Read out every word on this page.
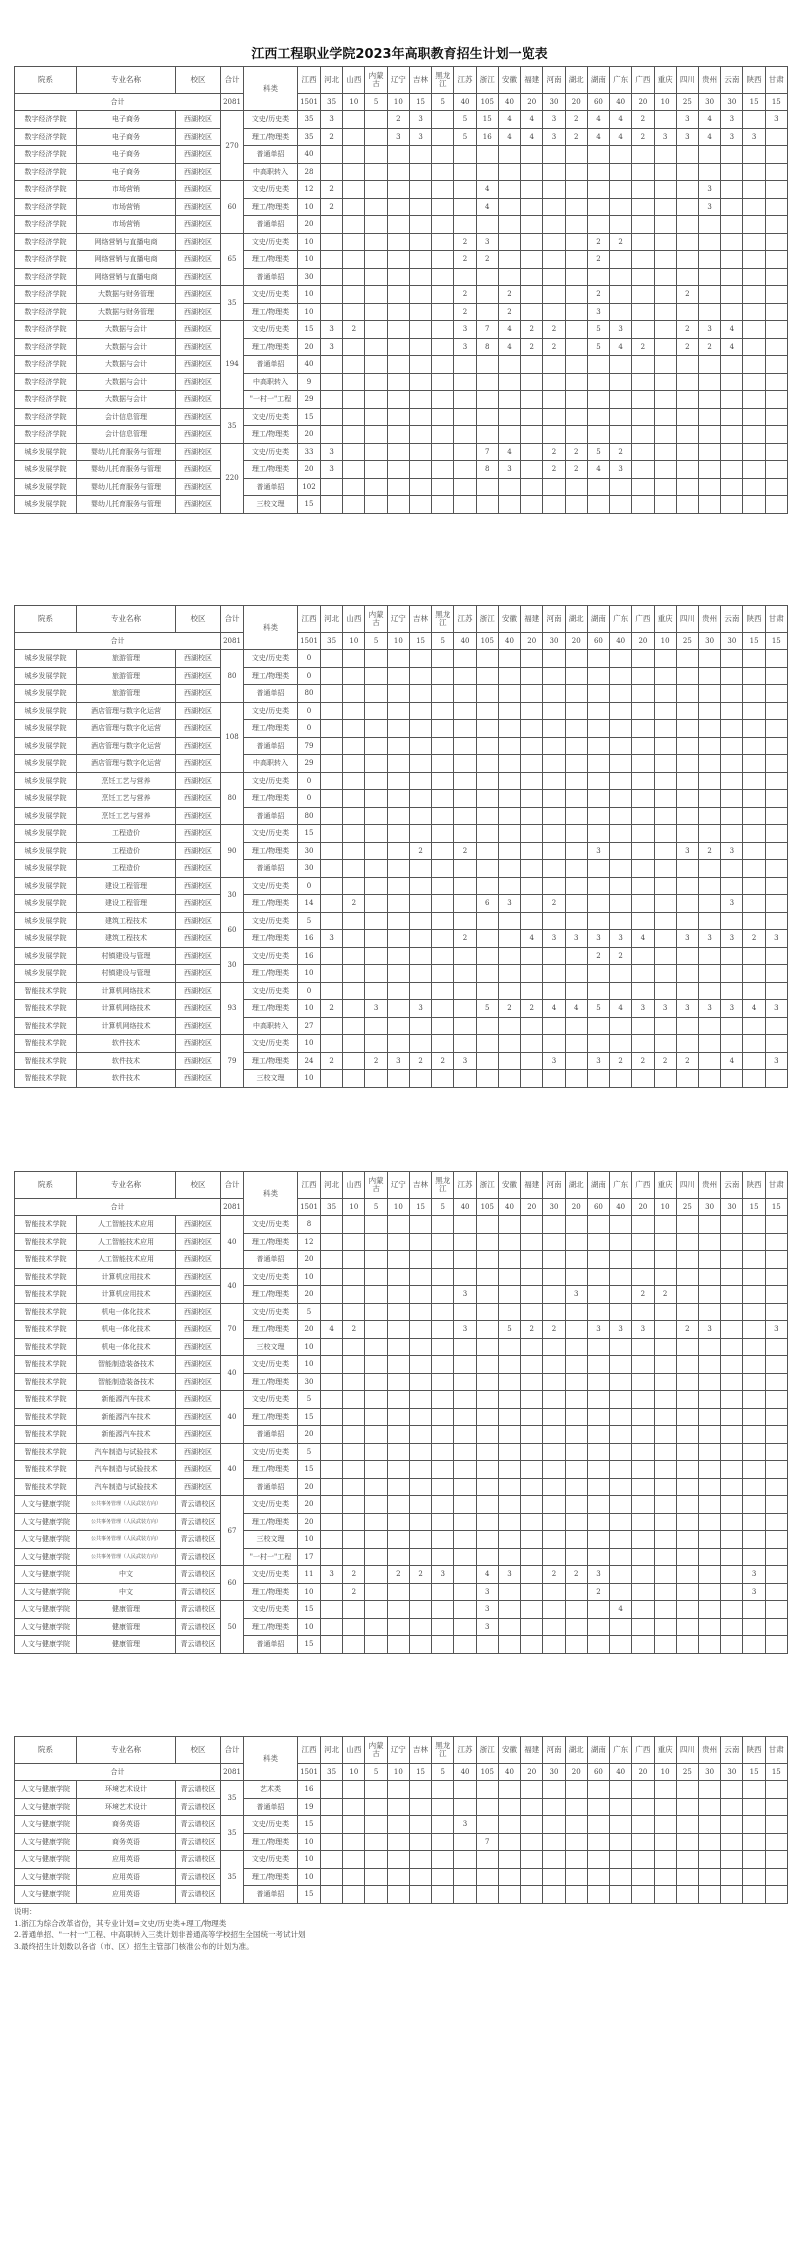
江西工程职业学院2023年高职教育招生计划一览表
院系	专业名称	校区	合计	科类	江西	河北	山西	内蒙古	辽宁	吉林	黑龙江	江苏	浙江	安徽	福建	河南	湖北	湖南	广东	广西	重庆	四川	贵州	云南	陕西	甘肃
合计			2081		1501	35	10	5	10	15	5	40	105	40	20	30	20	60	40	20	10	25	30	30	15	15
数字经济学院	电子商务	西湖校区	270	文史/历史类	35	3			2	3		5	15	4	4	3	2	4	4	2		3	4	3		3
数字经济学院	电子商务	西湖校区		理工/物理类	35	2			3	3		5	16	4	4	3	2	4	4	2	3	3	4	3	3	
数字经济学院	电子商务	西湖校区		普通单招	40																					
数字经济学院	电子商务	西湖校区		中高职转入	28																					
数字经济学院	市场营销	西湖校区	60	文史/历史类	12	2							4										3			
数字经济学院	市场营销	西湖校区		理工/物理类	10	2							4										3			
数字经济学院	市场营销	西湖校区		普通单招	20																					
数字经济学院	网络营销与直播电商	西湖校区	65	文史/历史类	10							2	3					2	2							
数字经济学院	网络营销与直播电商	西湖校区		理工/物理类	10							2	2					2								
数字经济学院	网络营销与直播电商	西湖校区		普通单招	30																					
数字经济学院	大数据与财务管理	西湖校区	35	文史/历史类	10							2		2				2				2				
数字经济学院	大数据与财务管理	西湖校区		理工/物理类	10							2		2				3								
数字经济学院	大数据与会计	西湖校区	194	文史/历史类	15	3	2					3	7	4	2	2		5	3			2	3	4		
数字经济学院	大数据与会计	西湖校区		理工/物理类	20	3						3	8	4	2	2		5	4	2		2	2	4		
数字经济学院	大数据与会计	西湖校区		普通单招	40																					
数字经济学院	大数据与会计	西湖校区		中高职转入	9																					
数字经济学院	大数据与会计	西湖校区		"一村一"工程	29																					
数字经济学院	会计信息管理	西湖校区	35	文史/历史类	15																					
数字经济学院	会计信息管理	西湖校区		理工/物理类	20																					
城乡发展学院	婴幼儿托育服务与管理	西湖校区	220	文史/历史类	33	3							7	4		2	2	5	2							
城乡发展学院	婴幼儿托育服务与管理	西湖校区		理工/物理类	20	3							8	3		2	2	4	3							
城乡发展学院	婴幼儿托育服务与管理	西湖校区		普通单招	102																					
城乡发展学院	婴幼儿托育服务与管理	西湖校区		三校文理	15																					
院系	专业名称	校区	合计	科类	江西	河北	山西	内蒙古	辽宁	吉林	黑龙江	江苏	浙江	安徽	福建	河南	湖北	湖南	广东	广西	重庆	四川	贵州	云南	陕西	甘肃
合计			2081		1501	35	10	5	10	15	5	40	105	40	20	30	20	60	40	20	10	25	30	30	15	15
城乡发展学院	旅游管理	西湖校区	80	文史/历史类	0																					
城乡发展学院	旅游管理	西湖校区		理工/物理类	0																					
城乡发展学院	旅游管理	西湖校区		普通单招	80																					
城乡发展学院	酒店管理与数字化运营	西湖校区	108	文史/历史类	0																					
城乡发展学院	酒店管理与数字化运营	西湖校区		理工/物理类	0																					
城乡发展学院	酒店管理与数字化运营	西湖校区		普通单招	79																					
城乡发展学院	酒店管理与数字化运营	西湖校区		中高职转入	29																					
城乡发展学院	烹饪工艺与营养	西湖校区	80	文史/历史类	0																					
城乡发展学院	烹饪工艺与营养	西湖校区		理工/物理类	0																					
城乡发展学院	烹饪工艺与营养	西湖校区		普通单招	80																					
城乡发展学院	工程造价	西湖校区	90	文史/历史类	15																					
城乡发展学院	工程造价	西湖校区		理工/物理类	30					2		2						3				3	2	3		
城乡发展学院	工程造价	西湖校区		普通单招	30																					
城乡发展学院	建设工程管理	西湖校区	30	文史/历史类	0																					
城乡发展学院	建设工程管理	西湖校区		理工/物理类	14		2						6	3		2								3		
城乡发展学院	建筑工程技术	西湖校区	60	文史/历史类	5																					
城乡发展学院	建筑工程技术	西湖校区		理工/物理类	16	3						2			4	3	3	3	3	4		3	3	3	2	3
城乡发展学院	村镇建设与管理	西湖校区	30	文史/历史类	16													2	2							
城乡发展学院	村镇建设与管理	西湖校区		理工/物理类	10																					
智能技术学院	计算机网络技术	西湖校区	93	文史/历史类	0																					
智能技术学院	计算机网络技术	西湖校区		理工/物理类	10	2		3		3			5	2	2	4	4	5	4	3	3	3	3	3	4	3
智能技术学院	计算机网络技术	西湖校区		中高职转入	27																					
智能技术学院	软件技术	西湖校区	79	文史/历史类	10																					
智能技术学院	软件技术	西湖校区		理工/物理类	24	2		2	3	2	2	3				3		3	2	2	2	2		4		3
智能技术学院	软件技术	西湖校区		三校文理	10																					
院系	专业名称	校区	合计	科类	江西	河北	山西	内蒙古	辽宁	吉林	黑龙江	江苏	浙江	安徽	福建	河南	湖北	湖南	广东	广西	重庆	四川	贵州	云南	陕西	甘肃
合计			2081		1501	35	10	5	10	15	5	40	105	40	20	30	20	60	40	20	10	25	30	30	15	15
智能技术学院	人工智能技术应用	西湖校区	40	文史/历史类	8																					
智能技术学院	人工智能技术应用	西湖校区		理工/物理类	12																					
智能技术学院	人工智能技术应用	西湖校区		普通单招	20																					
智能技术学院	计算机应用技术	西湖校区	40	文史/历史类	10																					
智能技术学院	计算机应用技术	西湖校区		理工/物理类	20							3					3			2	2					
智能技术学院	机电一体化技术	西湖校区	70	文史/历史类	5																					
智能技术学院	机电一体化技术	西湖校区		理工/物理类	20	4	2					3		5	2	2		3	3	3		2	3			3
智能技术学院	机电一体化技术	西湖校区		三校文理	10																					
智能技术学院	智能制造装备技术	西湖校区	40	文史/历史类	10																					
智能技术学院	智能制造装备技术	西湖校区		理工/物理类	30																					
智能技术学院	新能源汽车技术	西湖校区	40	文史/历史类	5																					
智能技术学院	新能源汽车技术	西湖校区		理工/物理类	15																					
智能技术学院	新能源汽车技术	西湖校区		普通单招	20																					
智能技术学院	汽车制造与试验技术	西湖校区	40	文史/历史类	5																					
智能技术学院	汽车制造与试验技术	西湖校区		理工/物理类	15																					
智能技术学院	汽车制造与试验技术	西湖校区		普通单招	20																					
人文与健康学院	公共事务管理（人民武装方向）	青云谱校区	67	文史/历史类	20																					
人文与健康学院	公共事务管理（人民武装方向）	青云谱校区		理工/物理类	20																					
人文与健康学院	公共事务管理（人民武装方向）	青云谱校区		三校文理	10																					
人文与健康学院	公共事务管理（人民武装方向）	青云谱校区		"一村一"工程	17																					
人文与健康学院	中文	青云谱校区	60	文史/历史类	11	3	2		2	2	3		4	3		2	2	3							3	
人文与健康学院	中文	青云谱校区		理工/物理类	10		2						3					2							3	
人文与健康学院	健康管理	青云谱校区	50	文史/历史类	15								3						4							
人文与健康学院	健康管理	青云谱校区		理工/物理类	10								3													
人文与健康学院	健康管理	青云谱校区		普通单招	15																					
院系	专业名称	校区	合计	科类	江西	河北	山西	内蒙古	辽宁	吉林	黑龙江	江苏	浙江	安徽	福建	河南	湖北	湖南	广东	广西	重庆	四川	贵州	云南	陕西	甘肃
合计			2081		1501	35	10	5	10	15	5	40	105	40	20	30	20	60	40	20	10	25	30	30	15	15
人文与健康学院	环境艺术设计	青云谱校区	35	艺术类	16																					
人文与健康学院	环境艺术设计	青云谱校区		普通单招	19																					
人文与健康学院	商务英语	青云谱校区	35	文史/历史类	15							3														
人文与健康学院	商务英语	青云谱校区		理工/物理类	10								7													
人文与健康学院	应用英语	青云谱校区	35	文史/历史类	10																					
人文与健康学院	应用英语	青云谱校区		理工/物理类	10																					
人文与健康学院	应用英语	青云谱校区		普通单招	15																					
说明：
1.浙江为综合改革省份，其专业计划=文史/历史类+理工/物理类
2.普通单招、"一村一"工程、中高职转入三类计划非普通高等学校招生全国统一考试计划
3.最终招生计划数以各省（市、区）招生主管部门核准公布的计划为准。
